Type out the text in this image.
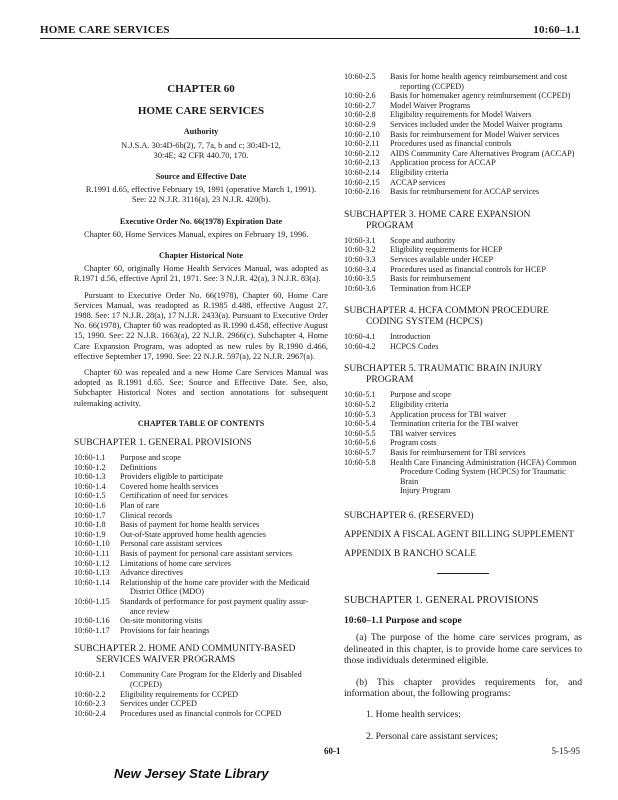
HOME CARE SERVICES	10:60–1.1
CHAPTER 60
HOME CARE SERVICES
Authority
N.J.S.A. 30:4D-6b(2), 7, 7a, b and c; 30:4D-12,
30:4E; 42 CFR 440.70, 170.
Source and Effective Date
R.1991 d.65, effective February 19, 1991 (operative March 1, 1991).
See: 22 N.J.R. 3116(a), 23 N.J.R. 420(b).
Executive Order No. 66(1978) Expiration Date
Chapter 60, Home Services Manual, expires on February 19, 1996.
Chapter Historical Note

Chapter 60, originally Home Health Services Manual, was adopted as R.1971 d.56, effective April 21, 1971. See: 3 N.J.R. 42(a), 3 N.J.R. 83(a).

Pursuant to Executive Order No. 66(1978), Chapter 60, Home Care Services Manual, was readopted as R.1985 d.488, effective August 27, 1988. See: 17 N.J.R. 28(a), 17 N.J.R. 2433(a). Pursuant to Executive Order No. 66(1978), Chapter 60 was readopted as R.1990 d.458, effective August 15, 1990. See: 22 N.J.R. 1663(a), 22 N.J.R. 2966(c). Subchapter 4, Home Care Expansion Program, was adopted as new rules by R.1990 d.466, effective September 17, 1990. See: 22 N.J.R. 597(a), 22 N.J.R. 2967(a).

Chapter 60 was repealed and a new Home Care Services Manual was adopted as R.1991 d.65. See: Source and Effective Date. See, also, Subchapter Historical Notes and section annotations for subsequent rulemaking activity.

CHAPTER TABLE OF CONTENTS
SUBCHAPTER 1. GENERAL PROVISIONS
10:60-1.1	Purpose and scope

10:60-1.2	Definitions

10:60-1.3	Providers eligible to participate

10:60-1.4	Covered home health services

10:60-1.5	Certification of need for services

10:60-1.6	Plan of care

10:60-1.7	Clinical records

10:60-1.8	Basis of payment for home health services

10:60-1.9	Out-of-State approved home health agencies

10:60-1.10	Personal care assistant services

10:60-1.11	Basis of payment for personal care assistant services

10:60-1.12	Limitations of home care services

10:60-1.13	Advance directives

10:60-1.14	Relationship of the home care provider with the Medicaid
District Office (MDO)

10:60-1.15	Standards of performance for post payment quality assur-
ance review

10:60-1.16	On-site monitoring visits

10:60-1.17	Provisions for fair hearings
SUBCHAPTER 2. HOME AND COMMUNITY-BASED
SERVICES WAIVER PROGRAMS
10:60-2.1	Community Care Program for the Elderly and Disabled
(CCPED)

10:60-2.2	Eligibility requirements for CCPED

10:60-2.3	Services under CCPED

10:60-2.4	Procedures used as financial controls for CCPED
10:60-2.5	Basis for home health agency reimbursement and cost
reporting (CCPED)

10:60-2.6	Basis for homemaker agency reimbursement (CCPED)

10:60-2.7	Model Waiver Programs

10:60-2.8	Eligibility requirements for Model Waivers

10:60-2.9	Services included under the Model Waiver programs

10:60-2.10	Basis for reimbursement for Model Waiver services

10:60-2.11	Procedures used as financial controls

10:60-2.12	AIDS Community Care Alternatives Program (ACCAP)

10:60-2.13	Application process for ACCAP

10:60-2.14	Eligibility criteria

10:60-2.15	ACCAP services

10:60-2.16	Basis for reimbursement for ACCAP services
SUBCHAPTER 3. HOME CARE EXPANSION
PROGRAM
10:60-3.1	Scope and authority

10:60-3.2	Eligibility requirements for HCEP

10:60-3.3	Services available under HCEP

10:60-3.4	Procedures used as financial controls for HCEP

10:60-3.5	Basis for reimbursement

10:60-3.6	Termination from HCEP
SUBCHAPTER 4. HCFA COMMON PROCEDURE
CODING SYSTEM (HCPCS)
10:60-4.1	Introduction

10:60-4.2	HCPCS Codes
SUBCHAPTER 5. TRAUMATIC BRAIN INJURY
PROGRAM
10:60-5.1	Purpose and scope

10:60-5.2	Eligibility criteria

10:60-5.3	Application process for TBI waiver

10:60-5.4	Termination criteria for the TBI waiver

10:60-5.5	TBI waiver services

10:60-5.6	Program costs

10:60-5.7	Basis for reimbursement for TBI services

10:60-5.8	Health Care Financing Administration (HCFA) Common
Procedure Coding System (HCPCS) for Traumatic Brain
Injury Program
SUBCHAPTER 6. (RESERVED)
APPENDIX A FISCAL AGENT BILLING SUPPLEMENT
APPENDIX B RANCHO SCALE
SUBCHAPTER 1. GENERAL PROVISIONS
10:60–1.1 Purpose and scope

(a) The purpose of the home care services program, as delineated in this chapter, is to provide home care services to those individuals determined eligible.

(b) This chapter provides requirements for, and information about, the following programs:

1. Home health services;
2. Personal care assistant services;
60-1	5-15-95
New Jersey State Library
